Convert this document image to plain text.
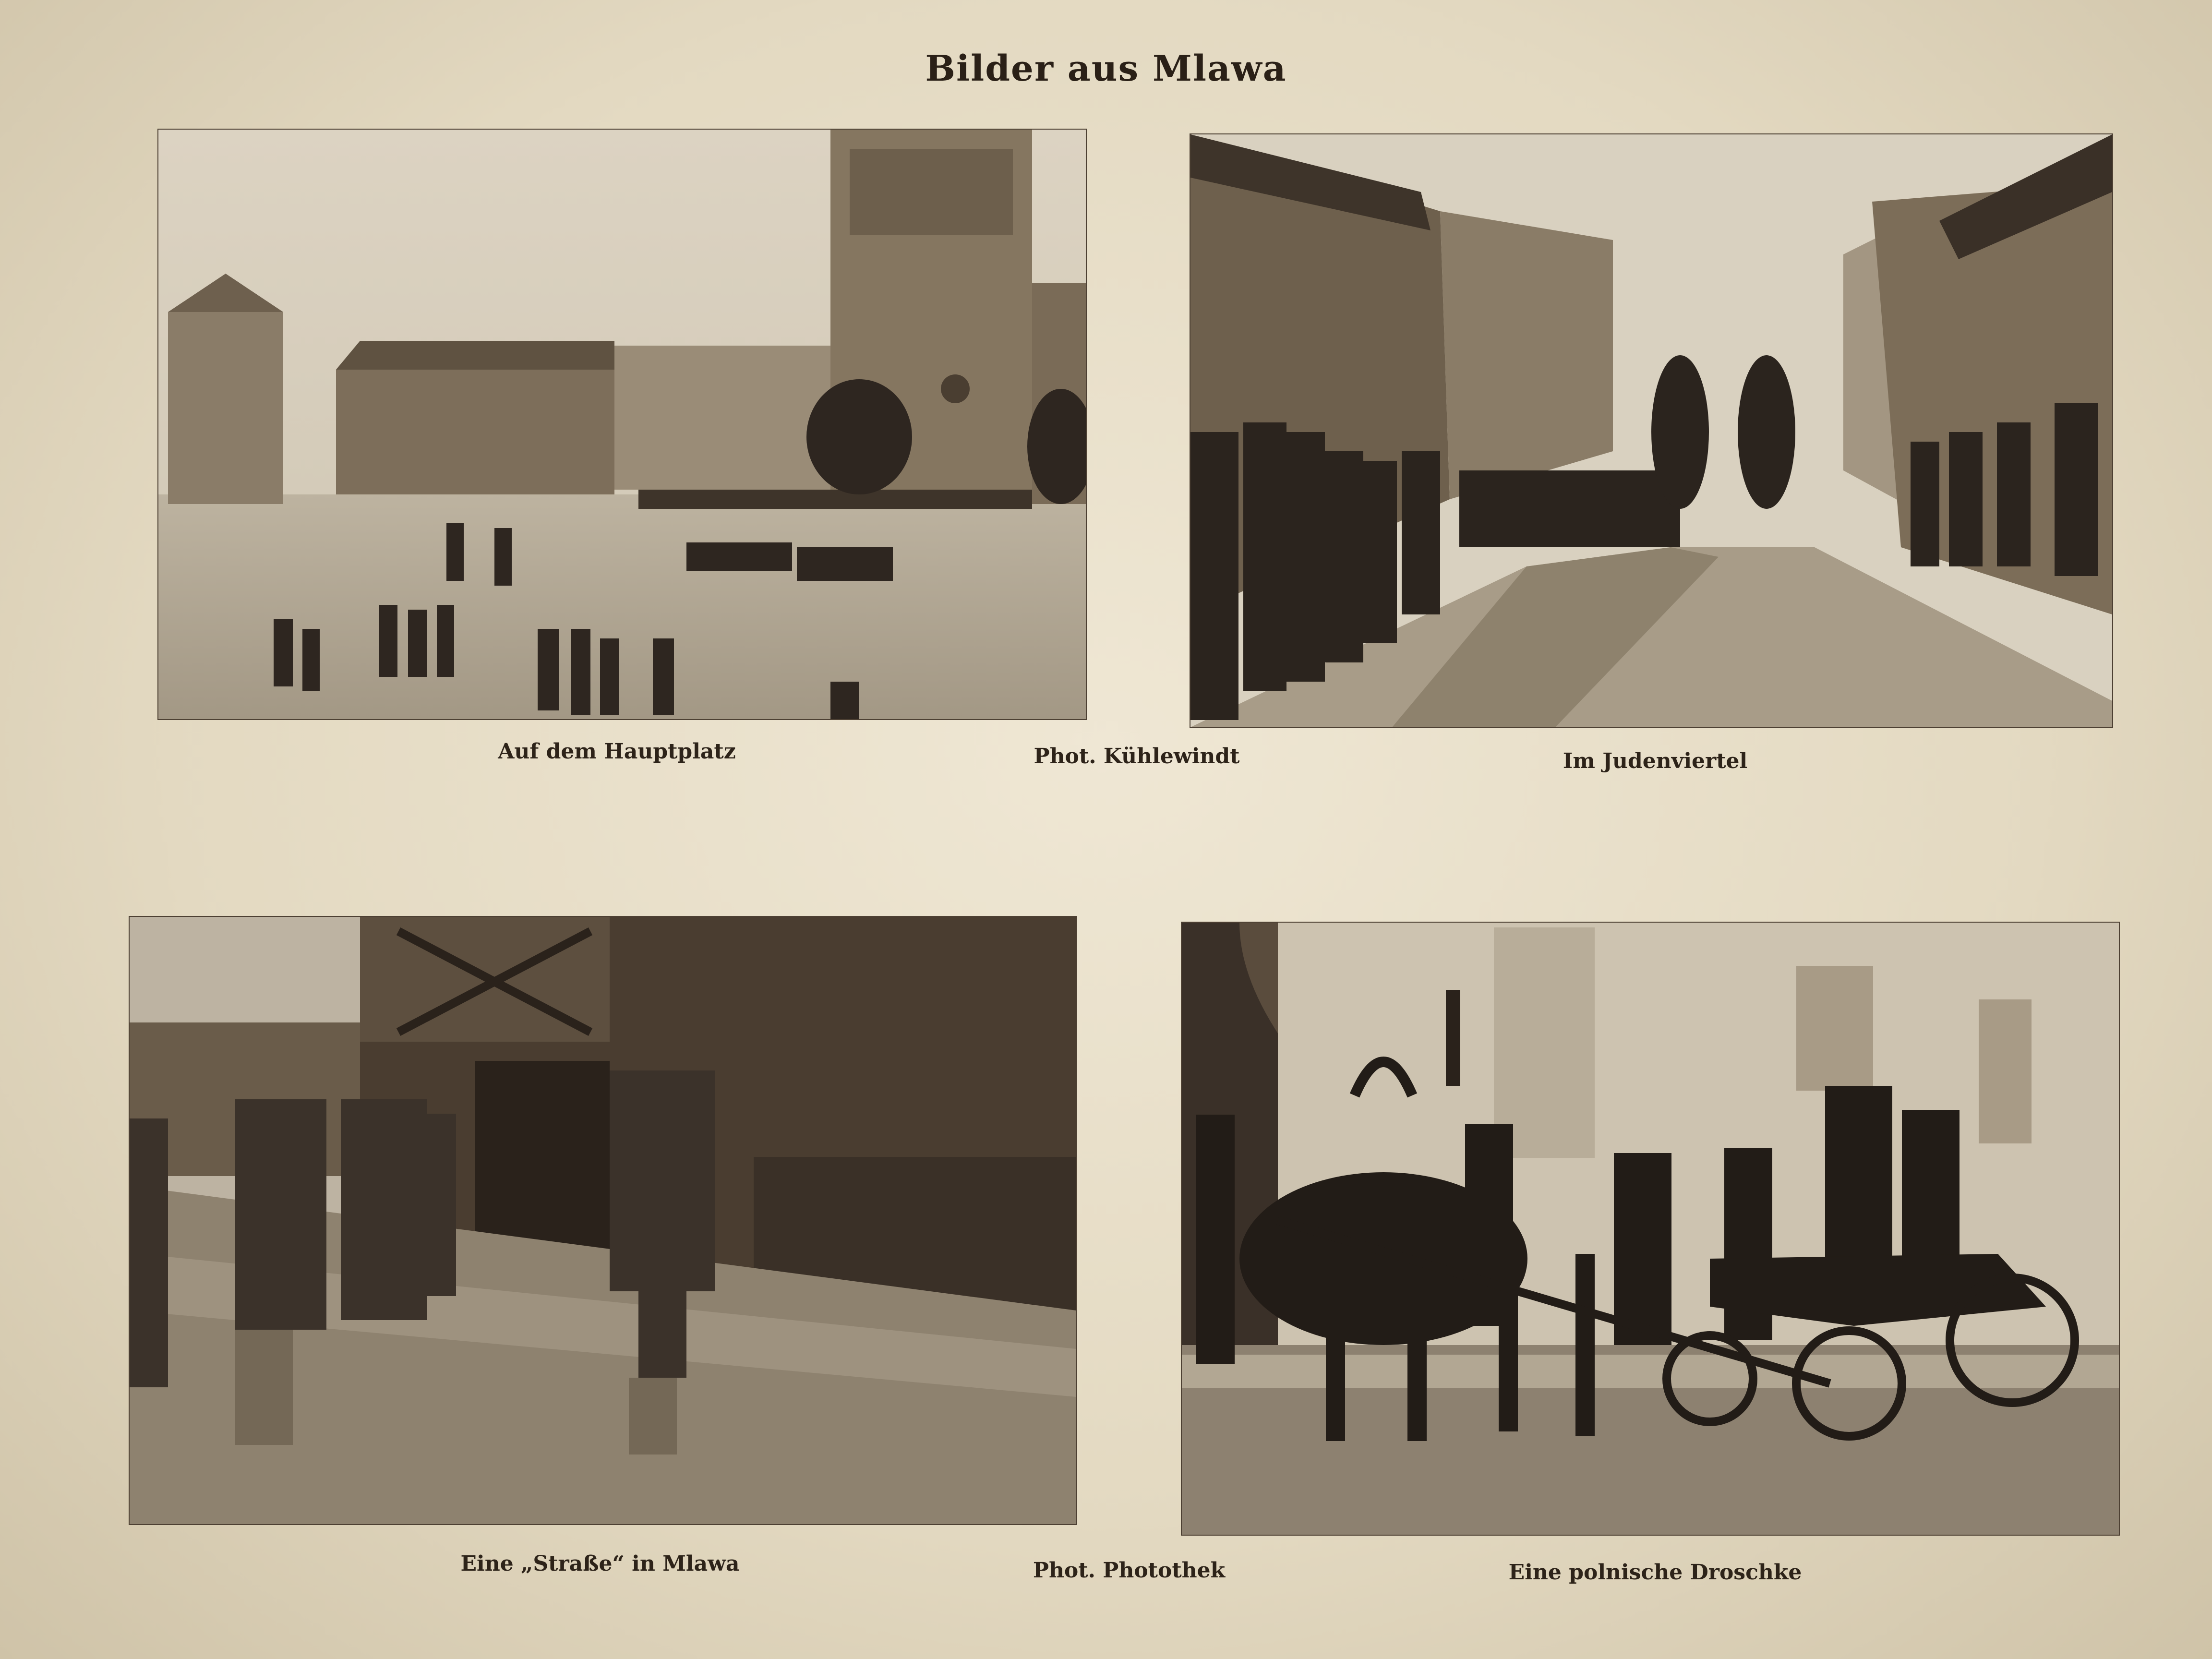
Bilder aus Mlawa
Auf dem Hauptplatz	Phot. Kühlewindt	Im Judenviertel
Eine „Straße“ in Mlawa	Phot. Photothek	Eine polnische Droschke
